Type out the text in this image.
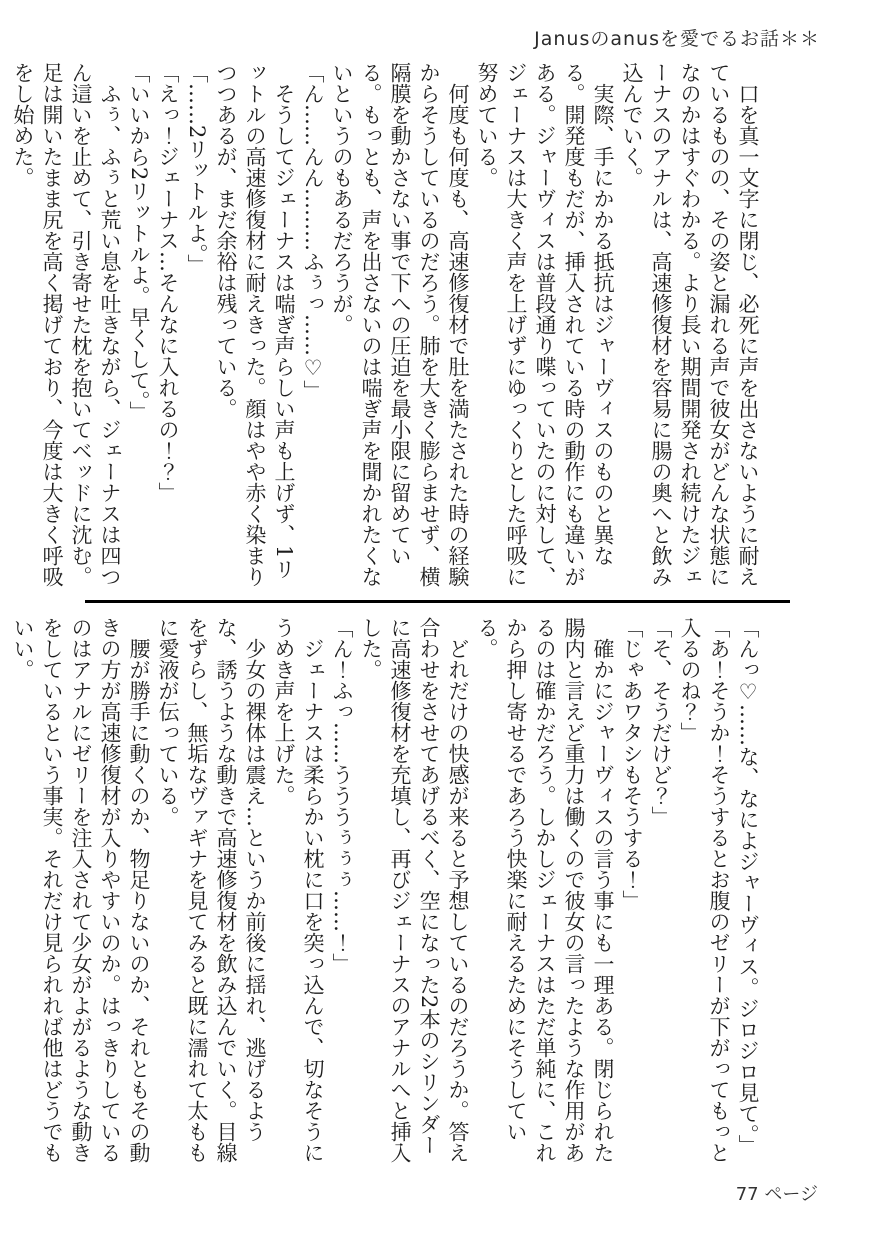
Janusのanusを愛でるお話＊＊

口を真一文字に閉じ、必死に声を出さないように耐えているものの、その姿と漏れる声で彼女がどんな状態になのかはすぐわかる。より長い期間開発され続けたジェーナスのアナルは、高速修復材を容易に腸の奥へと飲み込んでいく。

実際、手にかかる抵抗はジャーヴィスのものと異なる。開発度もだが、挿入されている時の動作にも違いがある。ジャーヴィスは普段通り喋っていたのに対して、ジェーナスは大きく声を上げずにゆっくりとした呼吸に努めている。

何度も何度も、高速修復材で肚を満たされた時の経験からそうしているのだろう。肺を大きく膨らませず、横隔膜を動かさない事で下への圧迫を最小限に留めている。もっとも、声を出さないのは喘ぎ声を聞かれたくないというのもあるだろうが。

「ん……んん………ふぅっ……♡」

そうしてジェーナスは喘ぎ声らしい声も上げず、1リットルの高速修復材に耐えきった。顔はやや赤く染まりつつあるが、まだ余裕は残っている。

「……2リットルよ。」

「えっ！ジェーナス…そんなに入れるの！？」

「いいから2リットルよ。早くして。」

ふぅ、ふぅと荒い息を吐きながら、ジェーナスは四つん這いを止めて、引き寄せた枕を抱いてベッドに沈む。足は開いたまま尻を高く掲げており、今度は大きく呼吸をし始めた。

「んっ♡……な、なによジャーヴィス。ジロジロ見て。」

「あ！そうか！そうするとお腹のゼリーが下がってもっと入るのね？」

「そ、そうだけど？」

「じゃあワタシもそうする！」

確かにジャーヴィスの言う事にも一理ある。閉じられた腸内と言えど重力は働くので彼女の言ったような作用があるのは確かだろう。しかしジェーナスはただ単純に、これから押し寄せるであろう快楽に耐えるためにそうしている。

どれだけの快感が来ると予想しているのだろうか。答え合わせをさせてあげるべく、空になった2本のシリンダーに高速修復材を充填し、再びジェーナスのアナルへと挿入した。

「ん！ふっ……うううぅぅぅ……！」

ジェーナスは柔らかい枕に口を突っ込んで、切なそうにうめき声を上げた。

少女の裸体は震え…というか前後に揺れ、逃げるような、誘うような動きで高速修復材を飲み込んでいく。目線をずらし、無垢なヴァギナを見てみると既に濡れて太ももに愛液が伝っている。

腰が勝手に動くのか、物足りないのか、それともその動きの方が高速修復材が入りやすいのか。はっきりしているのはアナルにゼリーを注入されて少女がよがるような動きをしているという事実。それだけ見られれば他はどうでもいい。

77 ページ
